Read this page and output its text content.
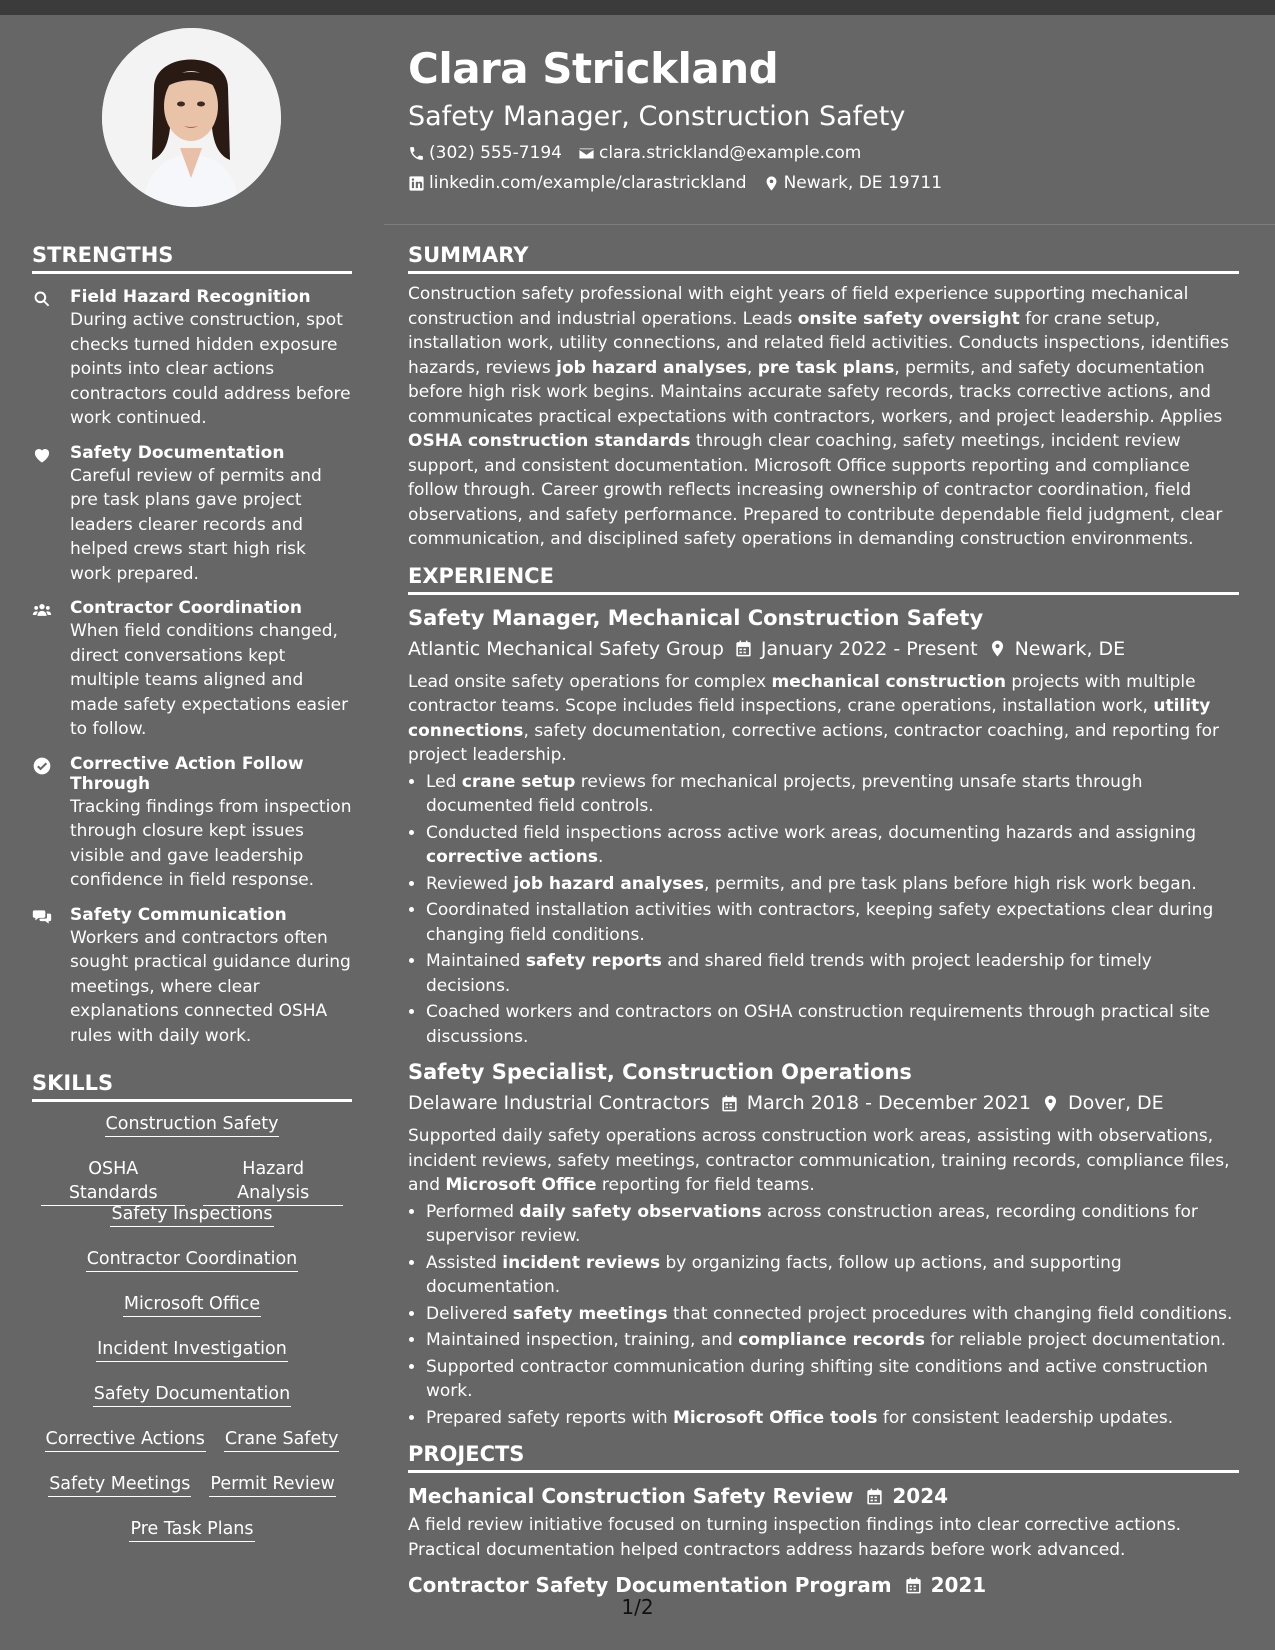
Clara Strickland
Safety Manager, Construction Safety
(302) 555-7194 clara.strickland@example.com
linkedin.com/example/clarastrickland Newark, DE 19711
STRENGTHS
Field Hazard Recognition
During active construction, spot checks turned hidden exposure points into clear actions contractors could address before work continued.
Safety Documentation
Careful review of permits and pre task plans gave project leaders clearer records and helped crews start high risk work prepared.
Contractor Coordination
When field conditions changed, direct conversations kept multiple teams aligned and made safety expectations easier to follow.
Corrective Action Follow Through
Tracking findings from inspection through closure kept issues visible and gave leadership confidence in field response.
Safety Communication
Workers and contractors often sought practical guidance during meetings, where clear explanations connected OSHA rules with daily work.
SKILLS
Construction Safety
OSHA Standards
Hazard Analysis
Safety Inspections
Contractor Coordination
Microsoft Office
Incident Investigation
Safety Documentation
Corrective Actions Crane Safety
Safety Meetings Permit Review
Pre Task Plans
SUMMARY

Construction safety professional with eight years of field experience supporting mechanical construction and industrial operations. Leads onsite safety oversight for crane setup, installation work, utility connections, and related field activities. Conducts inspections, identifies hazards, reviews job hazard analyses, pre task plans, permits, and safety documentation before high risk work begins. Maintains accurate safety records, tracks corrective actions, and communicates practical expectations with contractors, workers, and project leadership. Applies OSHA construction standards through clear coaching, safety meetings, incident review support, and consistent documentation. Microsoft Office supports reporting and compliance follow through. Career growth reflects increasing ownership of contractor coordination, field observations, and safety performance. Prepared to contribute dependable field judgment, clear communication, and disciplined safety operations in demanding construction environments.

EXPERIENCE
Safety Manager, Mechanical Construction Safety
Atlantic Mechanical Safety Group January 2022 - Present Newark, DE

Lead onsite safety operations for complex mechanical construction projects with multiple contractor teams. Scope includes field inspections, crane operations, installation work, utility connections, safety documentation, corrective actions, contractor coaching, and reporting for project leadership.

• Led crane setup reviews for mechanical projects, preventing unsafe starts through documented field controls.
• Conducted field inspections across active work areas, documenting hazards and assigning corrective actions.
• Reviewed job hazard analyses, permits, and pre task plans before high risk work began.
• Coordinated installation activities with contractors, keeping safety expectations clear during changing field conditions.
• Maintained safety reports and shared field trends with project leadership for timely decisions.
• Coached workers and contractors on OSHA construction requirements through practical site discussions.
Safety Specialist, Construction Operations
Delaware Industrial Contractors March 2018 - December 2021 Dover, DE

Supported daily safety operations across construction work areas, assisting with observations, incident reviews, safety meetings, contractor communication, training records, compliance files, and Microsoft Office reporting for field teams.

• Performed daily safety observations across construction areas, recording conditions for supervisor review.
• Assisted incident reviews by organizing facts, follow up actions, and supporting documentation.
• Delivered safety meetings that connected project procedures with changing field conditions.
• Maintained inspection, training, and compliance records for reliable project documentation.
• Supported contractor communication during shifting site conditions and active construction work.
• Prepared safety reports with Microsoft Office tools for consistent leadership updates.
PROJECTS
Mechanical Construction Safety Review 2024

A field review initiative focused on turning inspection findings into clear corrective actions. Practical documentation helped contractors address hazards before work advanced.

Contractor Safety Documentation Program 2021
1/2
